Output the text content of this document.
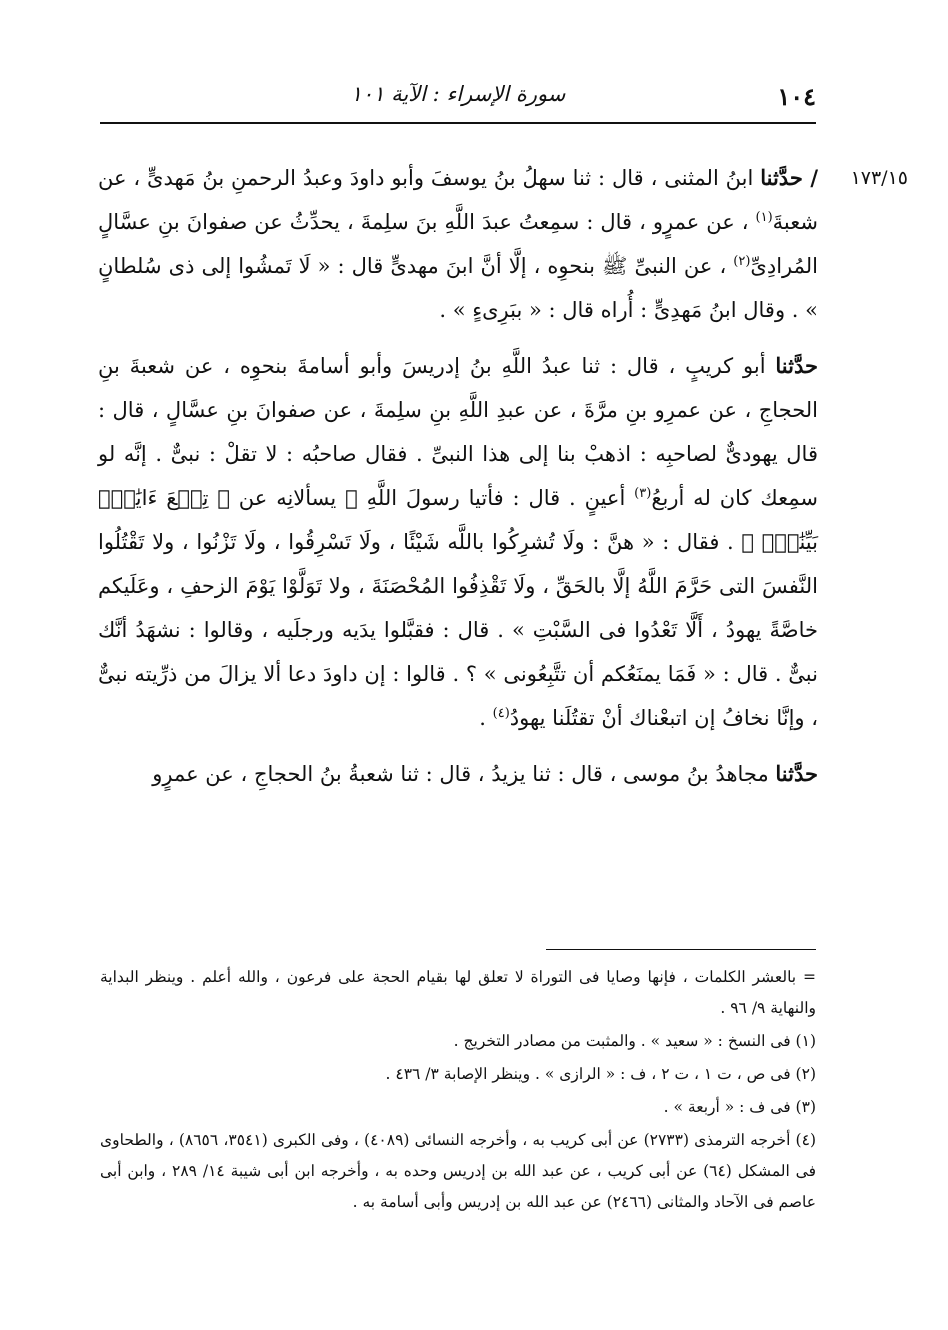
١٠٤
سورة الإسراء : الآية ١٠١
١٧٣/١٥

/ حدَّثنا ابنُ المثنى ، قال : ثنا سهلُ بنُ يوسفَ وأبو داودَ وعبدُ الرحمنِ بنُ مَهدىٍّ ، عن شعبةَ$^{(١)}$ ، عن عمرٍو ، قال : سمِعتُ عبدَ اللَّهِ بنَ سلِمةَ ، يحدِّثُ عن صفوانَ بنِ عسَّالٍ المُرادِىِّ$^{(٢)}$ ، عن النبىِّ ﷺ بنحوِه ، إلَّا أنَّ ابنَ مهدىٍّ قال : « لَا تَمشُوا إلى ذى سُلطانٍ » . وقال ابنُ مَهدِىٍّ : أُراه قال : « ببَرِىءٍ » .

حدَّثنا أبو كريبٍ ، قال : ثنا عبدُ اللَّهِ بنُ إدريسَ وأبو أسامةَ بنحوِه ، عن شعبةَ بنِ الحجاجِ ، عن عمرِو بنِ مرَّةَ ، عن عبدِ اللَّهِ بنِ سلِمةَ ، عن صفوانَ بنِ عسَّالٍ ، قال : قال يهودىٌّ لصاحبِه : اذهبْ بنا إلى هذا النبىِّ . فقال صاحبُه : لا تقلْ : نبىٌّ . إنَّه لو سمِعك كان له أربعُ$^{(٣)}$ أعينٍ . قال : فأتيا رسولَ اللَّهِ ﷺ يسألانِه عن ﴿ تِسۡعَ ءَايَٰتِۭ بَيِّنَٰتٖۖ ﴾ . فقال : « هنَّ : ولَا تُشرِكُوا باللَّه شَيْئًا ، ولَا تَسْرِقُوا ، ولَا تَزْنُوا ، ولا تَقْتُلُوا النَّفسَ التى حَرَّمَ اللَّهُ إلَّا بالحَقِّ ، ولَا تَقْذِفُوا المُحْصَنَةَ ، ولا تَوَلَّوْا يَوْمَ الزحفِ ، وعَلَيكم خاصَّةً يهودُ ، أَلَّا تَعْدُوا فى السَّبْتِ » . قال : فقبَّلوا يدَيه ورجلَيه ، وقالوا : نشهَدُ أنَّك نبىٌّ . قال : « فَمَا يمنَعُكم أن تتَّبِعُونى » ؟ . قالوا : إن داودَ دعا ألا يزالَ من ذرِّيته نبىٌّ ، وإنَّا نخافُ إن اتبعْناك أنْ تقتُلَنا يهودُ$^{(٤)}$ .

حدَّثنا مجاهدُ بنُ موسى ، قال : ثنا يزيدُ ، قال : ثنا شعبةُ بنُ الحجاجِ ، عن عمرٍو

= بالعشر الكلمات ، فإنها وصايا فى التوراة لا تعلق لها بقيام الحجة على فرعون ، والله أعلم . وينظر البداية والنهاية ٩/ ٩٦ .

(١) فى النسخ : « سعيد » . والمثبت من مصادر التخريج .

(٢) فى ص ، ت ١ ، ت ٢ ، ف : « الرازى » . وينظر الإصابة ٣/ ٤٣٦ .

(٣) فى ف : « أربعة » .

(٤) أخرجه الترمذى (٢٧٣٣) عن أبى كريب به ، وأخرجه النسائى (٤٠٨٩) ، وفى الكبرى (٣٥٤١، ٨٦٥٦) ، والطحاوى فى المشكل (٦٤) عن أبى كريب ، عن عبد الله بن إدريس وحده به ، وأخرجه ابن أبى شيبة ١٤/ ٢٨٩ ، وابن أبى عاصم فى الآحاد والمثانى (٢٤٦٦) عن عبد الله بن إدريس وأبى أسامة به .
